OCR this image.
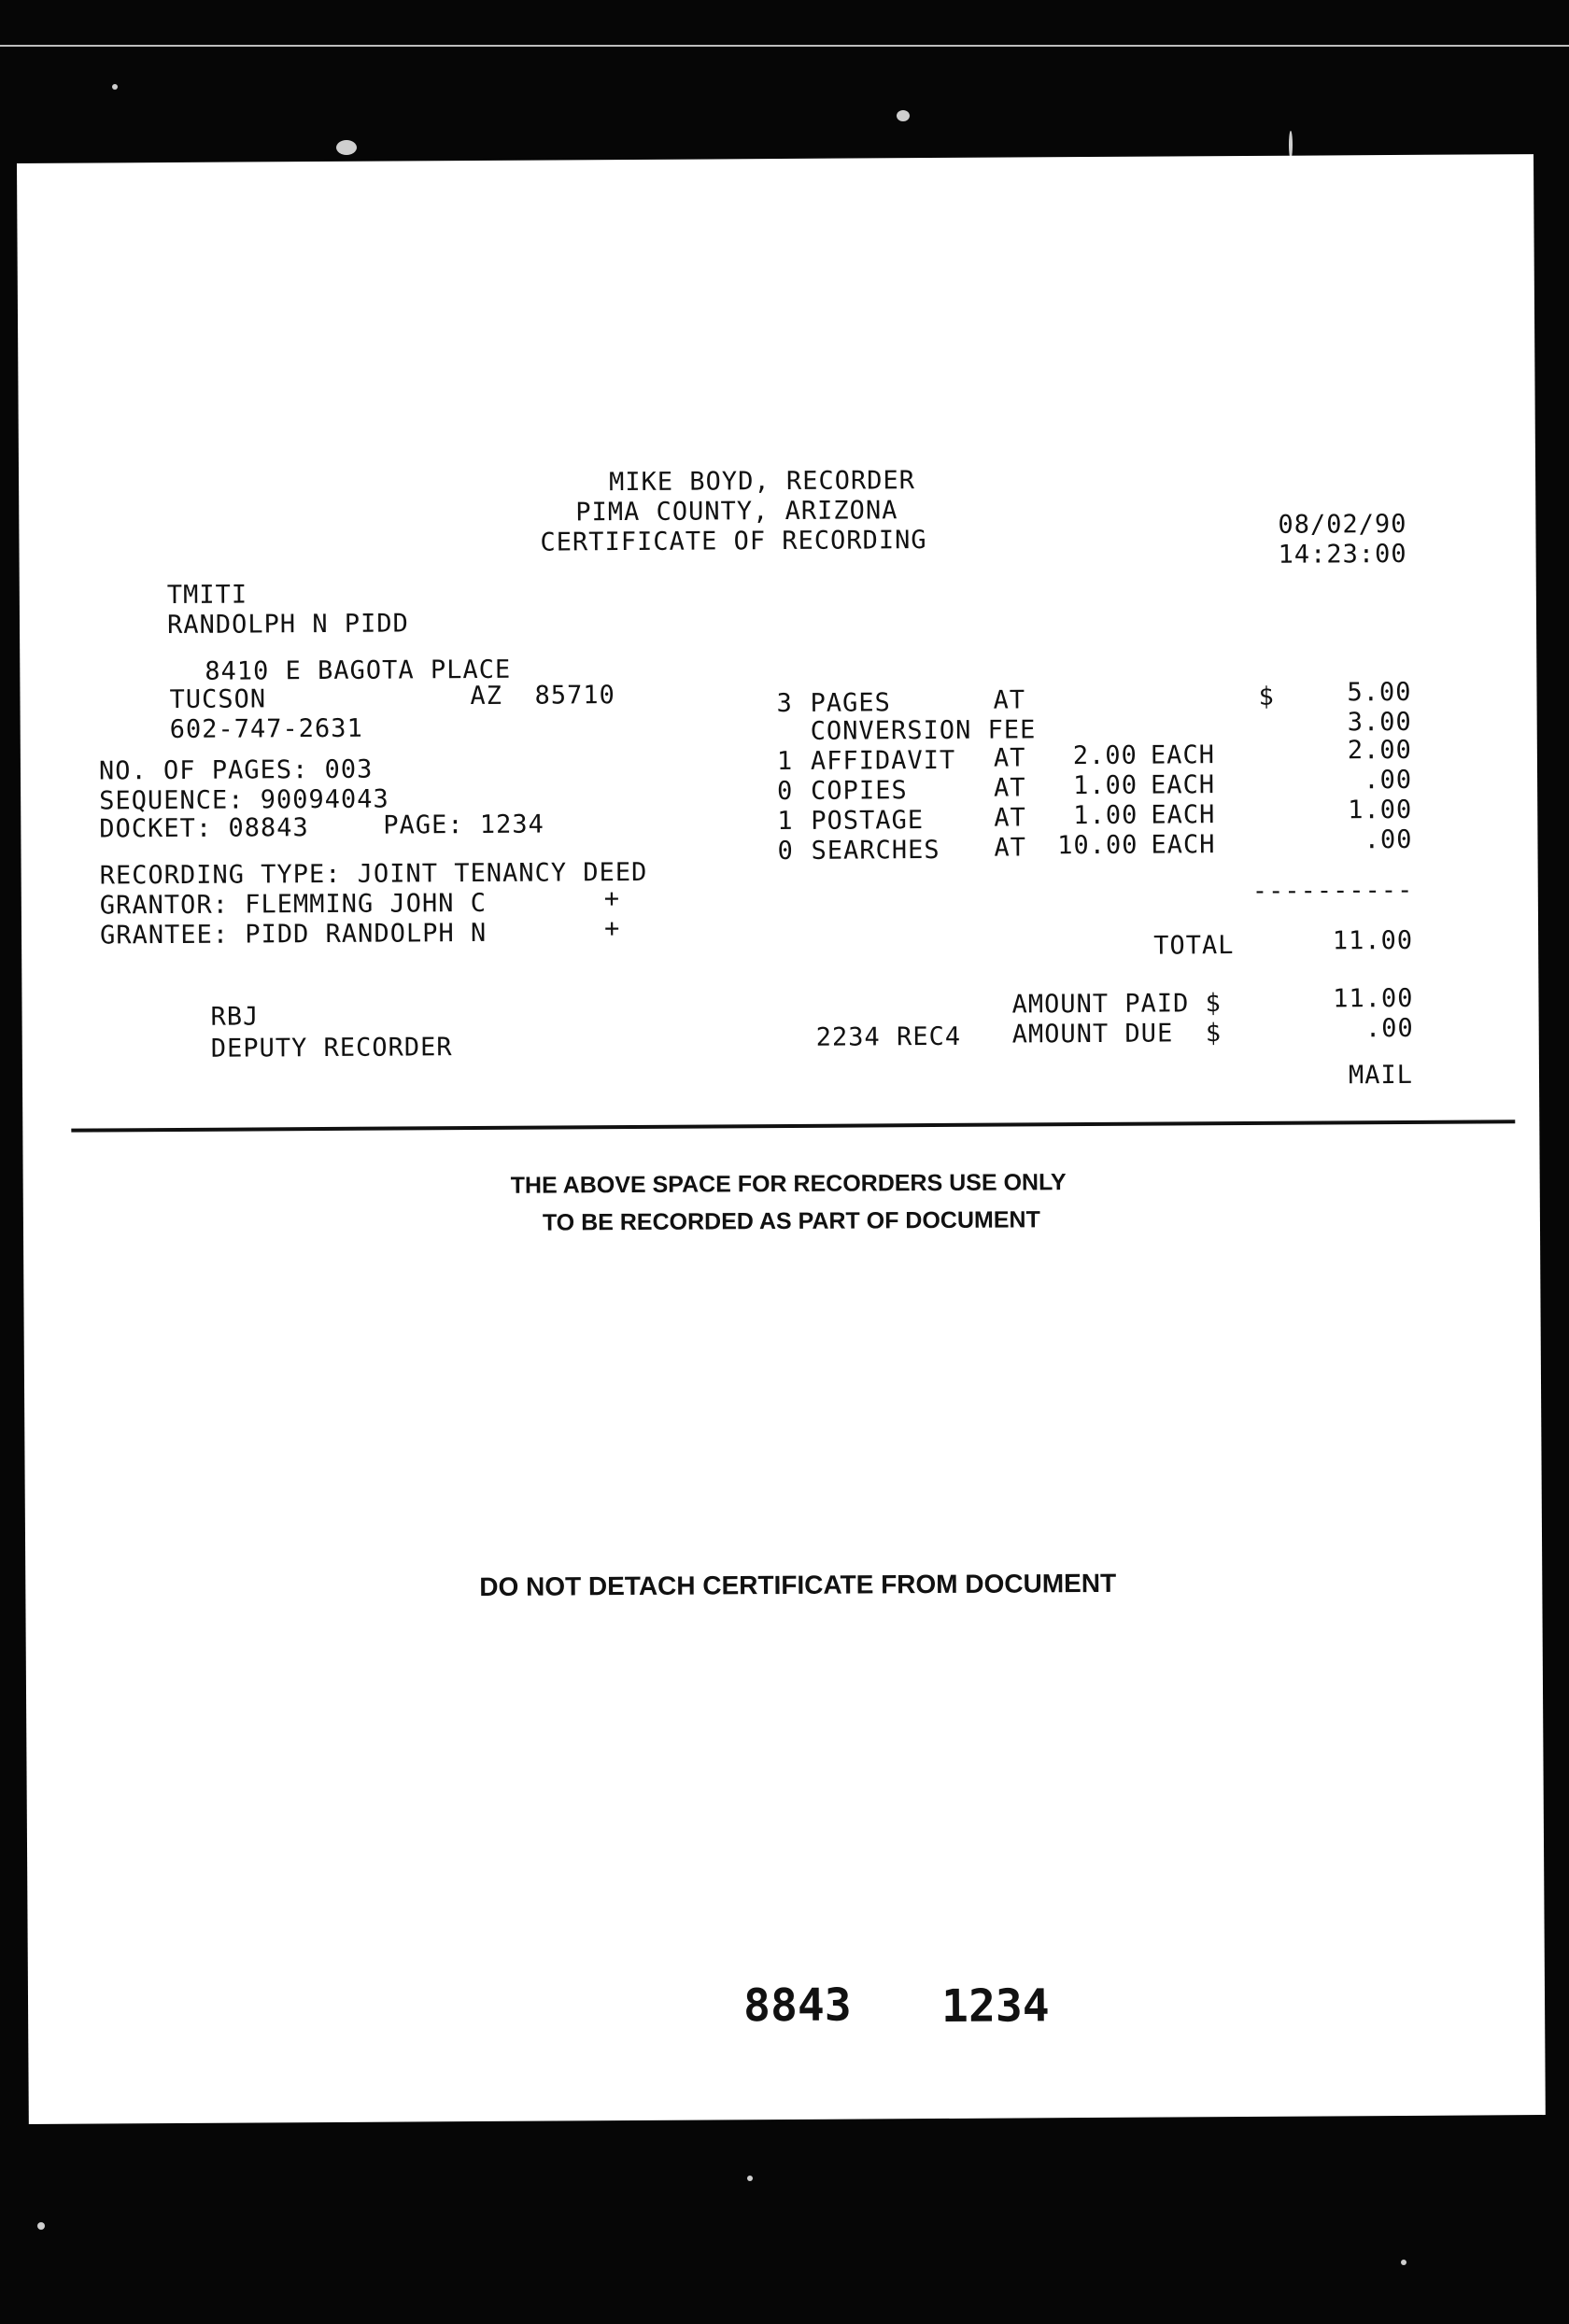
MIKE BOYD, RECORDER
PIMA COUNTY, ARIZONA
CERTIFICATE OF RECORDING
08/02/90
14:23:00
TMITI
RANDOLPH N PIDD
8410 E BAGOTA PLACE
TUCSON	AZ  85710
602-747-2631
NO. OF PAGES: 003
SEQUENCE: 90094043
DOCKET: 08843	PAGE: 1234
RECORDING TYPE: JOINT TENANCY DEED
GRANTOR: FLEMMING JOHN C	+
GRANTEE: PIDD RANDOLPH N	+
3 PAGES	AT	$	5.00
CONVERSION FEE	3.00
1 AFFIDAVIT AT	2.00 EACH	2.00
0 COPIES	AT	1.00 EACH	.00
1 POSTAGE	AT	1.00 EACH	1.00
0 SEARCHES AT	10.00 EACH	.00
----------
TOTAL	11.00
AMOUNT PAID $	11.00
2234 REC4 AMOUNT DUE  $	.00
MAIL
RBJ
DEPUTY RECORDER
THE ABOVE SPACE FOR RECORDERS USE ONLY
TO BE RECORDED AS PART OF DOCUMENT
DO NOT DETACH CERTIFICATE FROM DOCUMENT
8843 1234
